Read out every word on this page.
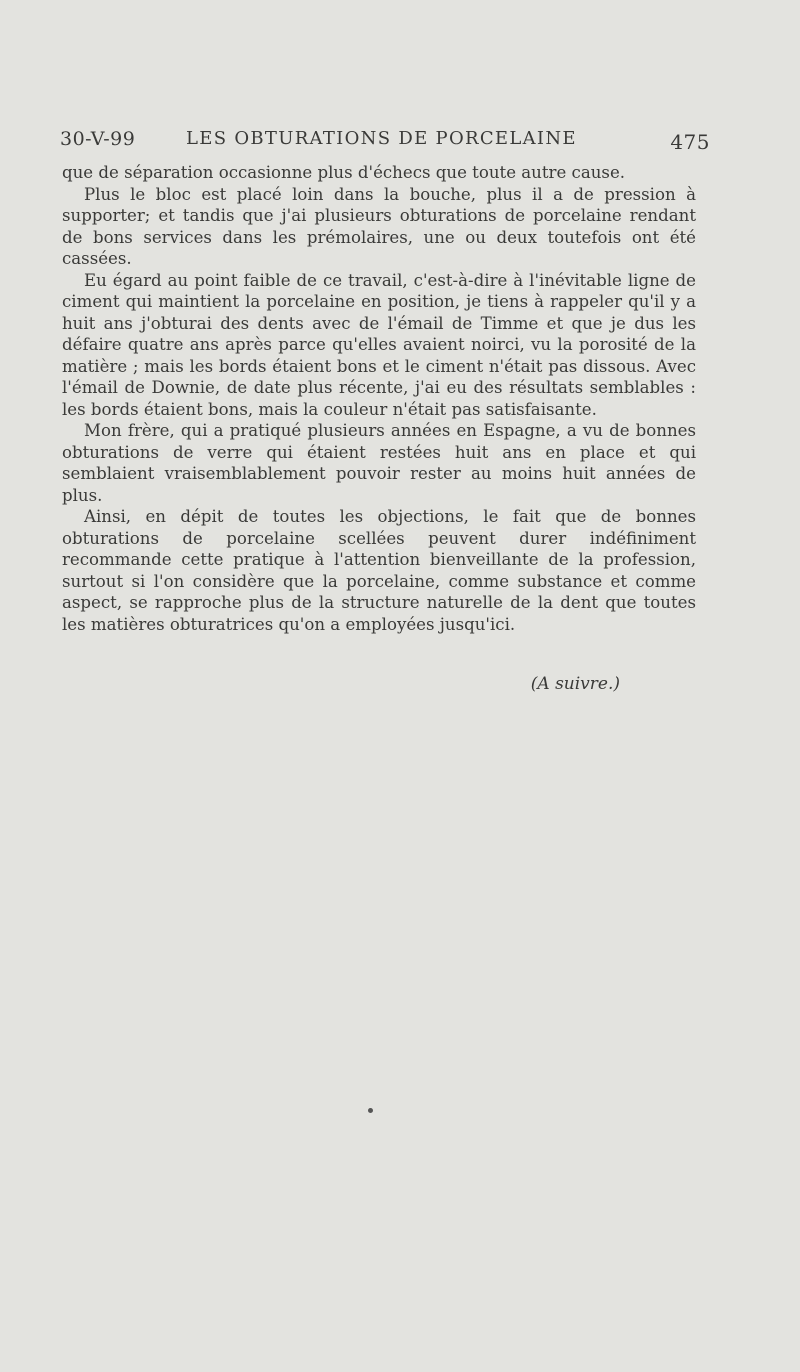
30-V-99	LES OBTURATIONS DE PORCELAINE	475

que de séparation occasionne plus d'échecs que toute autre cause.

Plus le bloc est placé loin dans la bouche, plus il a de pression à supporter; et tandis que j'ai plusieurs obturations de porcelaine rendant de bons services dans les prémolaires, une ou deux toutefois ont été cassées.

Eu égard au point faible de ce travail, c'est-à-dire à l'inévitable ligne de ciment qui maintient la porcelaine en position, je tiens à rappeler qu'il y a huit ans j'obturai des dents avec de l'émail de Timme et que je dus les défaire quatre ans après parce qu'elles avaient noirci, vu la porosité de la matière ; mais les bords étaient bons et le ciment n'était pas dissous. Avec l'émail de Downie, de date plus récente, j'ai eu des résultats semblables : les bords étaient bons, mais la couleur n'était pas satisfaisante.

Mon frère, qui a pratiqué plusieurs années en Espagne, a vu de bonnes obturations de verre qui étaient restées huit ans en place et qui semblaient vraisemblablement pouvoir rester au moins huit années de plus.

Ainsi, en dépit de toutes les objections, le fait que de bonnes obturations de porcelaine scellées peuvent durer indéfiniment recommande cette pratique à l'attention bienveillante de la profession, surtout si l'on considère que la porcelaine, comme substance et comme aspect, se rapproche plus de la structure naturelle de la dent que toutes les matières obturatrices qu'on a employées jusqu'ici.

(A suivre.)
